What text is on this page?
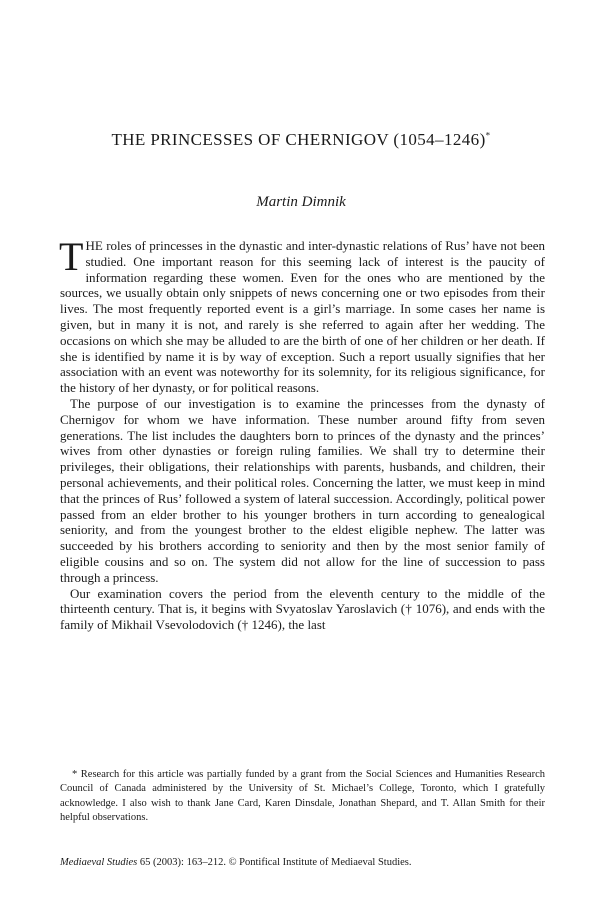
THE PRINCESSES OF CHERNIGOV (1054–1246)*
Martin Dimnik

THE roles of princesses in the dynastic and inter-dynastic relations of Rus’ have not been studied. One important reason for this seeming lack of interest is the paucity of information regarding these women. Even for the ones who are mentioned by the sources, we usually obtain only snippets of news concerning one or two episodes from their lives. The most frequently reported event is a girl’s marriage. In some cases her name is given, but in many it is not, and rarely is she referred to again after her wedding. The occasions on which she may be alluded to are the birth of one of her children or her death. If she is identified by name it is by way of exception. Such a report usually signifies that her association with an event was noteworthy for its solemnity, for its religious significance, for the history of her dynasty, or for political reasons.

The purpose of our investigation is to examine the princesses from the dynasty of Chernigov for whom we have information. These number around fifty from seven generations. The list includes the daughters born to princes of the dynasty and the princes’ wives from other dynasties or foreign ruling families. We shall try to determine their privileges, their obligations, their relationships with parents, husbands, and children, their personal achievements, and their political roles. Concerning the latter, we must keep in mind that the princes of Rus’ followed a system of lateral succession. Accordingly, political power passed from an elder brother to his younger brothers in turn according to genealogical seniority, and from the youngest brother to the eldest eligible nephew. The latter was succeeded by his brothers according to seniority and then by the most senior family of eligible cousins and so on. The system did not allow for the line of succession to pass through a princess.

Our examination covers the period from the eleventh century to the middle of the thirteenth century. That is, it begins with Svyatoslav Yaroslavich († 1076), and ends with the family of Mikhail Vsevolodovich († 1246), the last

* Research for this article was partially funded by a grant from the Social Sciences and Humanities Research Council of Canada administered by the University of St. Michael’s College, Toronto, which I gratefully acknowledge. I also wish to thank Jane Card, Karen Dinsdale, Jonathan Shepard, and T. Allan Smith for their helpful observations.

Mediaeval Studies 65 (2003): 163–212. © Pontifical Institute of Mediaeval Studies.
